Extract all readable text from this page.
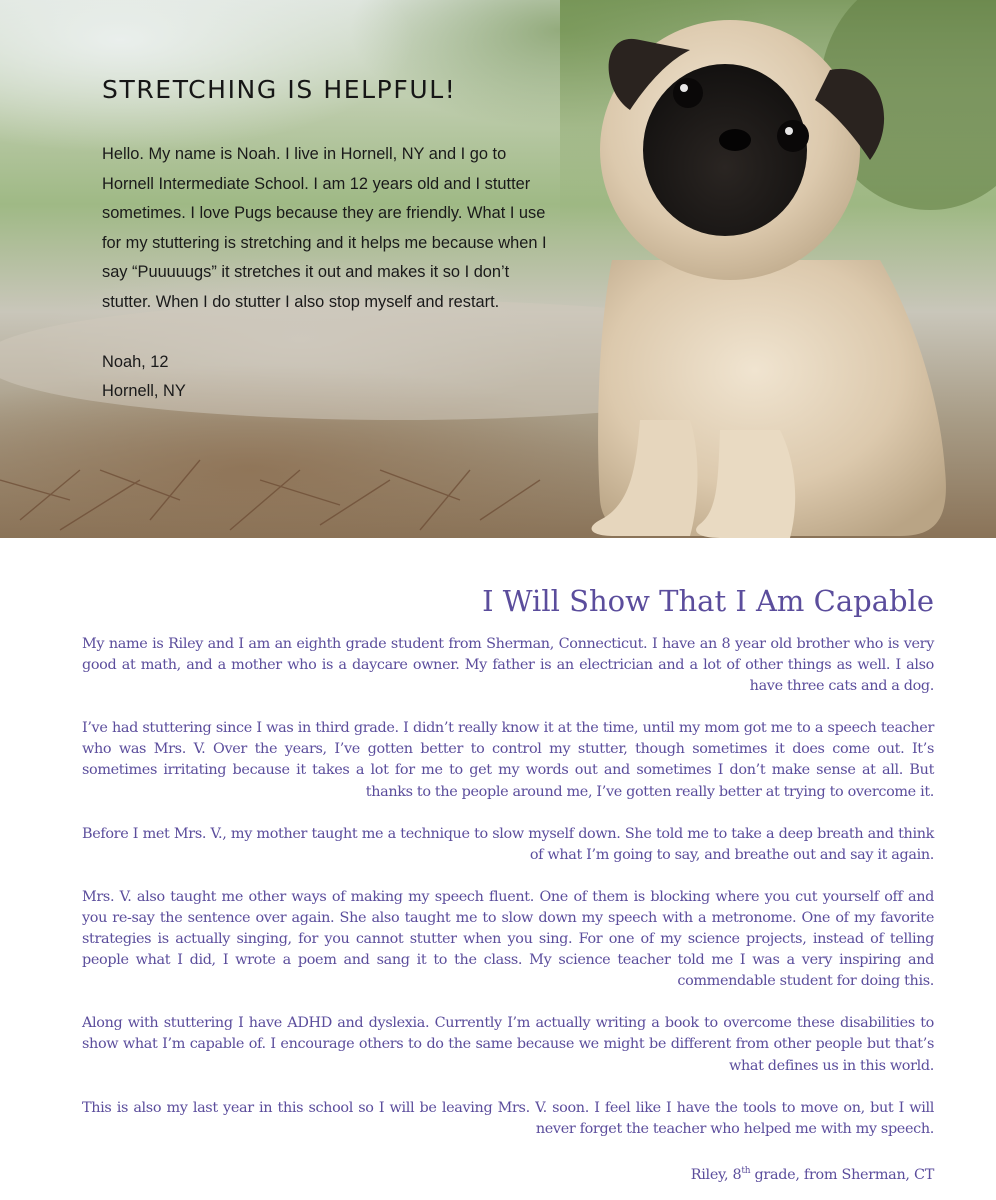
STRETCHING IS HELPFUL!

Hello. My name is Noah. I live in Hornell, NY and I go to Hornell Intermediate School. I am 12 years old and I stutter sometimes. I love Pugs because they are friendly. What I use for my stuttering is stretching and it helps me because when I say “Puuuuugs” it stretches it out and makes it so I don’t stutter. When I do stutter I also stop myself and restart.

Noah, 12
Hornell, NY
I Will Show That I Am Capable

My name is Riley and I am an eighth grade student from Sherman, Connecticut. I have an 8 year old brother who is very good at math, and a mother who is a daycare owner. My father is an electrician and a lot of other things as well. I also have three cats and a dog.

I’ve had stuttering since I was in third grade. I didn’t really know it at the time, until my mom got me to a speech teacher who was Mrs. V. Over the years, I’ve gotten better to control my stutter, though sometimes it does come out. It’s sometimes irritating because it takes a lot for me to get my words out and sometimes I don’t make sense at all. But thanks to the people around me, I’ve gotten really better at trying to overcome it.

Before I met Mrs. V., my mother taught me a technique to slow myself down. She told me to take a deep breath and think of what I’m going to say, and breathe out and say it again.

Mrs. V. also taught me other ways of making my speech fluent. One of them is blocking where you cut yourself off and you re-say the sentence over again. She also taught me to slow down my speech with a metronome. One of my favorite strategies is actually singing, for you cannot stutter when you sing. For one of my science projects, instead of telling people what I did, I wrote a poem and sang it to the class. My science teacher told me I was a very inspiring and commendable student for doing this.

Along with stuttering I have ADHD and dyslexia. Currently I’m actually writing a book to overcome these disabilities to show what I’m capable of. I encourage others to do the same because we might be different from other people but that’s what defines us in this world.

This is also my last year in this school so I will be leaving Mrs. V. soon. I feel like I have the tools to move on, but I will never forget the teacher who helped me with my speech.

Riley, 8th grade, from Sherman, CT
